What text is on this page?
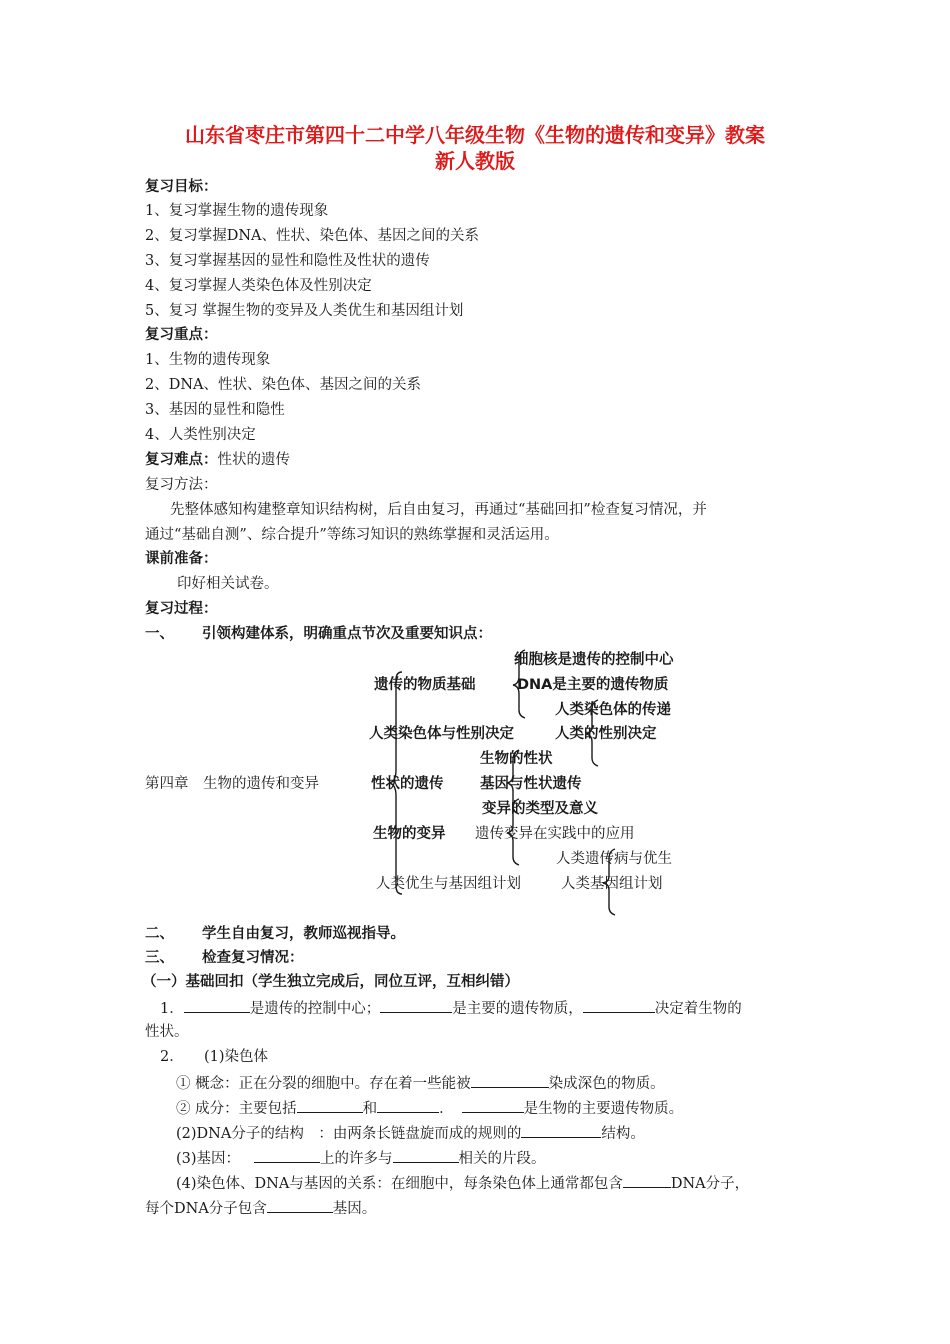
山东省枣庄市第四十二中学八年级生物《生物的遗传和变异》教案
新人教版
复习目标：
1、复习掌握生物的遗传现象
2、复习掌握DNA、性状、染色体、基因之间的关系
3、复习掌握基因的显性和隐性及性状的遗传
4、复习掌握人类染色体及性别决定
5、复习 掌握生物的变异及人类优生和基因组计划
复习重点：
1、生物的遗传现象
2、DNA、性状、染色体、基因之间的关系
3、基因的显性和隐性
4、人类性别决定
复习难点：性状的遗传
复习方法：
先整体感知构建整章知识结构树，后自由复习，再通过“基础回扣”检查复习情况，并
通过“基础自测”、综合提升”等练习知识的熟练掌握和灵活运用。
课前准备：
印好相关试卷。
复习过程：
一、 引领构建体系，明确重点节次及重要知识点：
细胞核是遗传的控制中心
遗传的物质基础	DNA是主要的遗传物质
人类染色体的传递
人类染色体与性别决定	人类的性别决定
生物的性状
第四章　生物的遗传和变异	性状的遗传	基因与性状遗传
变异的类型及意义
生物的变异 遗传变异在实践中的应用
人类遗传病与优生
人类优生与基因组计划	人类基因组计划
二、 学生自由复习，教师巡视指导。
三、 检查复习情况：
（一）基础回扣（学生独立完成后，同位互评，互相纠错）
1．	是遗传的控制中心；	是主要的遗传物质，	决定着生物的
性状。
2． (1)染色体
① 概念：正在分裂的细胞中。存在着一些能被	染成深色的物质。
② 成分：主要包括	和	．	是生物的主要遗传物质。
(2)DNA分子的结构　：由两条长链盘旋而成的规则的	结构。
(3)基因：	上的许多与	相关的片段。
(4)染色体、DNA与基因的关系：在细胞中，每条染色体上通常都包含	DNA分子，
每个DNA分子包含	基因。
